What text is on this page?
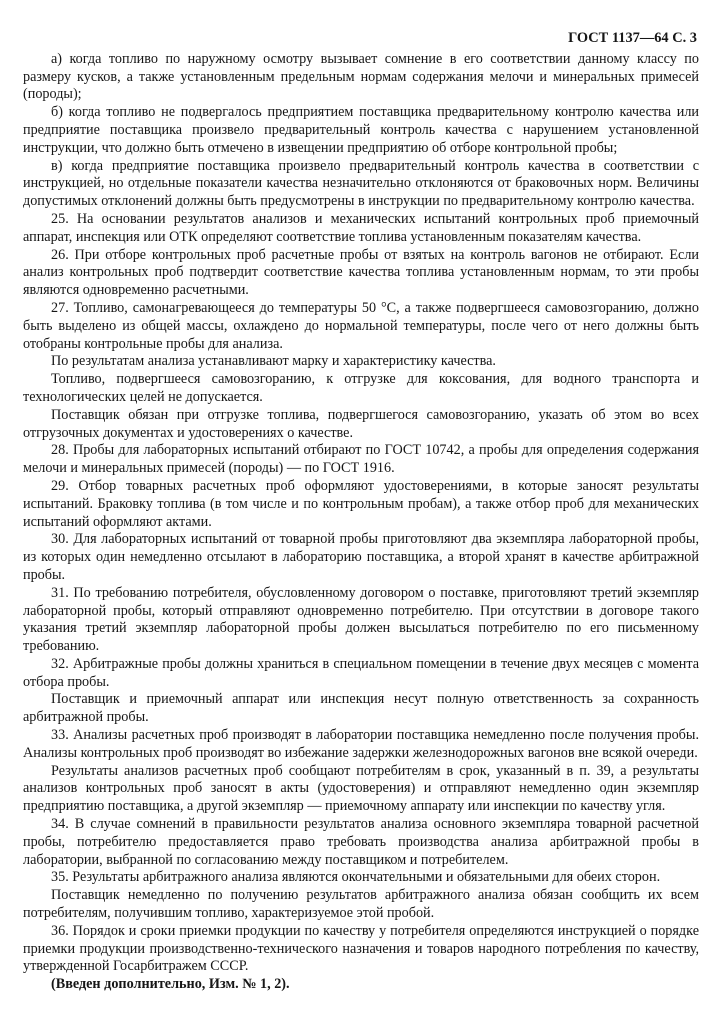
ГОСТ 1137—64 С. 3

а) когда топливо по наружному осмотру вызывает сомнение в его соответствии данному классу по размеру кусков, а также установленным предельным нормам содержания мелочи и минеральных примесей (породы);

б) когда топливо не подвергалось предприятием поставщика предварительному контролю качества или предприятие поставщика произвело предварительный контроль качества с нарушением установленной инструкции, что должно быть отмечено в извещении предприятию об отборе контрольной пробы;

в) когда предприятие поставщика произвело предварительный контроль качества в соответствии с инструкцией, но отдельные показатели качества незначительно отклоняются от браковочных норм. Величины допустимых отклонений должны быть предусмотрены в инструкции по предварительному контролю качества.

25. На основании результатов анализов и механических испытаний контрольных проб приемочный аппарат, инспекция или ОТК определяют соответствие топлива установленным показателям качества.

26. При отборе контрольных проб расчетные пробы от взятых на контроль вагонов не отбирают. Если анализ контрольных проб подтвердит соответствие качества топлива установленным нормам, то эти пробы являются одновременно расчетными.

27. Топливо, самонагревающееся до температуры 50 °С, а также подвергшееся самовозгоранию, должно быть выделено из общей массы, охлаждено до нормальной температуры, после чего от него должны быть отобраны контрольные пробы для анализа.

По результатам анализа устанавливают марку и характеристику качества.

Топливо, подвергшееся самовозгоранию, к отгрузке для коксования, для водного транспорта и технологических целей не допускается.

Поставщик обязан при отгрузке топлива, подвергшегося самовозгоранию, указать об этом во всех отгрузочных документах и удостоверениях о качестве.

28. Пробы для лабораторных испытаний отбирают по ГОСТ 10742, а пробы для определения содержания мелочи и минеральных примесей (породы) — по ГОСТ 1916.

29. Отбор товарных расчетных проб оформляют удостоверениями, в которые заносят результаты испытаний. Браковку топлива (в том числе и по контрольным пробам), а также отбор проб для механических испытаний оформляют актами.

30. Для лабораторных испытаний от товарной пробы приготовляют два экземпляра лабораторной пробы, из которых один немедленно отсылают в лабораторию поставщика, а второй хранят в качестве арбитражной пробы.

31. По требованию потребителя, обусловленному договором о поставке, приготовляют третий экземпляр лабораторной пробы, который отправляют одновременно потребителю. При отсутствии в договоре такого указания третий экземпляр лабораторной пробы должен высылаться потребителю по его письменному требованию.

32. Арбитражные пробы должны храниться в специальном помещении в течение двух месяцев с момента отбора пробы.

Поставщик и приемочный аппарат или инспекция несут полную ответственность за сохранность арбитражной пробы.

33. Анализы расчетных проб производят в лаборатории поставщика немедленно после получения пробы. Анализы контрольных проб производят во избежание задержки железнодорожных вагонов вне всякой очереди.

Результаты анализов расчетных проб сообщают потребителям в срок, указанный в п. 39, а результаты анализов контрольных проб заносят в акты (удостоверения) и отправляют немедленно один экземпляр предприятию поставщика, а другой экземпляр — приемочному аппарату или инспекции по качеству угля.

34. В случае сомнений в правильности результатов анализа основного экземпляра товарной расчетной пробы, потребителю предоставляется право требовать производства анализа арбитражной пробы в лаборатории, выбранной по согласованию между поставщиком и потребителем.

35. Результаты арбитражного анализа являются окончательными и обязательными для обеих сторон.

Поставщик немедленно по получению результатов арбитражного анализа обязан сообщить их всем потребителям, получившим топливо, характеризуемое этой пробой.

36. Порядок и сроки приемки продукции по качеству у потребителя определяются инструкцией о порядке приемки продукции производственно-технического назначения и товаров народного потребления по качеству, утвержденной Госарбитражем СССР.

(Введен дополнительно, Изм. № 1, 2).
